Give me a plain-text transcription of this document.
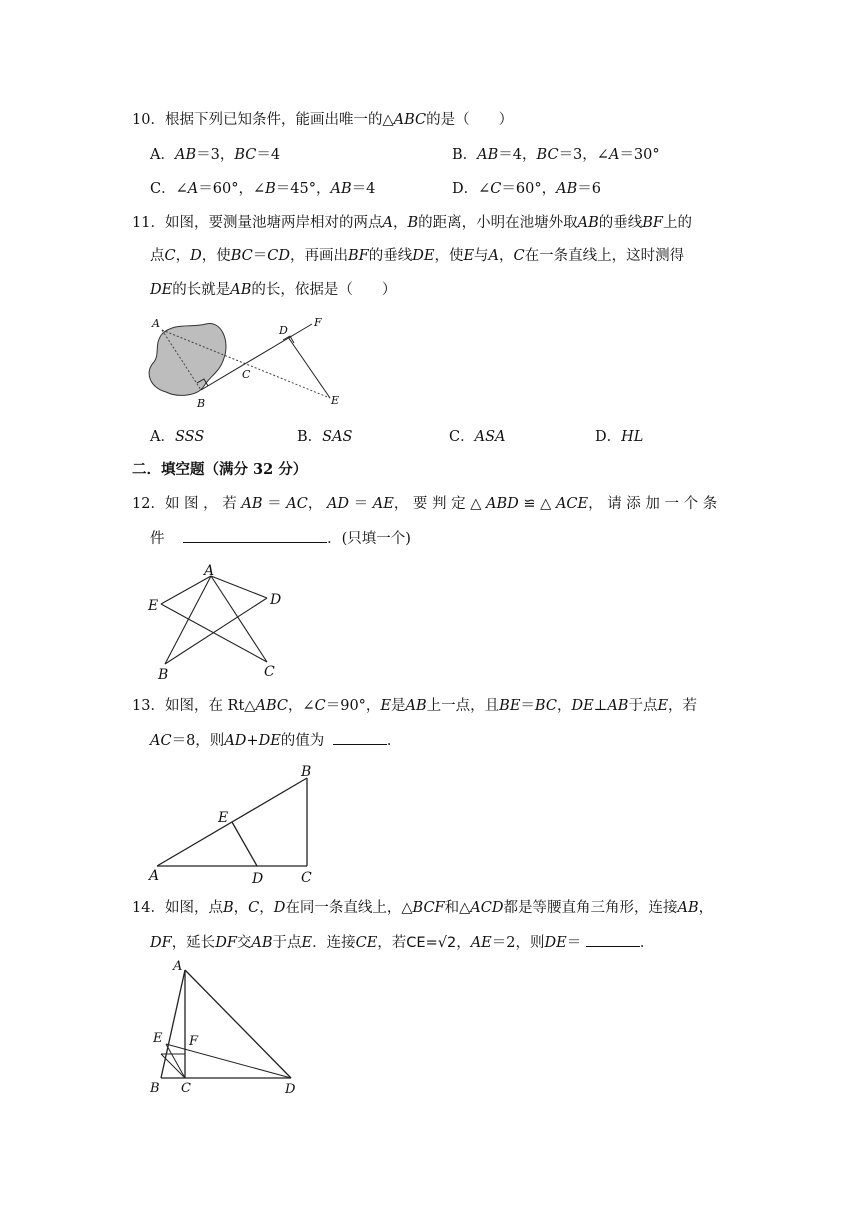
10．根据下列已知条件，能画出唯一的△ABC的是（　　）
A．AB＝3，BC＝4	B．AB＝4，BC＝3，∠A＝30°
C．∠A＝60°，∠B＝45°，AB＝4	D．∠C＝60°，AB＝6
11．如图，要测量池塘两岸相对的两点A，B的距离，小明在池塘外取AB的垂线BF上的
点C，D，使BC＝CD，再画出BF的垂线DE，使E与A，C在一条直线上，这时测得
DE的长就是AB的长，依据是（　　）
A
B
C
D
E
F
A．SSS	B．SAS	C．ASA	D．HL
二．填空题（满分 32 分）
12．如 图 ， 若 AB ＝ AC， AD ＝ AE， 要 判 定 △ ABD ≌ △ ACE， 请 添 加 一 个 条
件	．(只填一个)
A
B	C
D
E
13．如图，在 Rt△ABC，∠C＝90°，E是AB上一点，且BE＝BC，DE⊥AB于点E，若
AC＝8，则AD+DE的值为	．
A
B
C
D
E
14．如图，点B，C，D在同一条直线上，△BCF和△ACD都是等腰直角三角形，连接AB，
DF，延长DF交AB于点E．连接CE，若CE=√2，AE＝2，则DE＝	．
A
B C	D
E F
